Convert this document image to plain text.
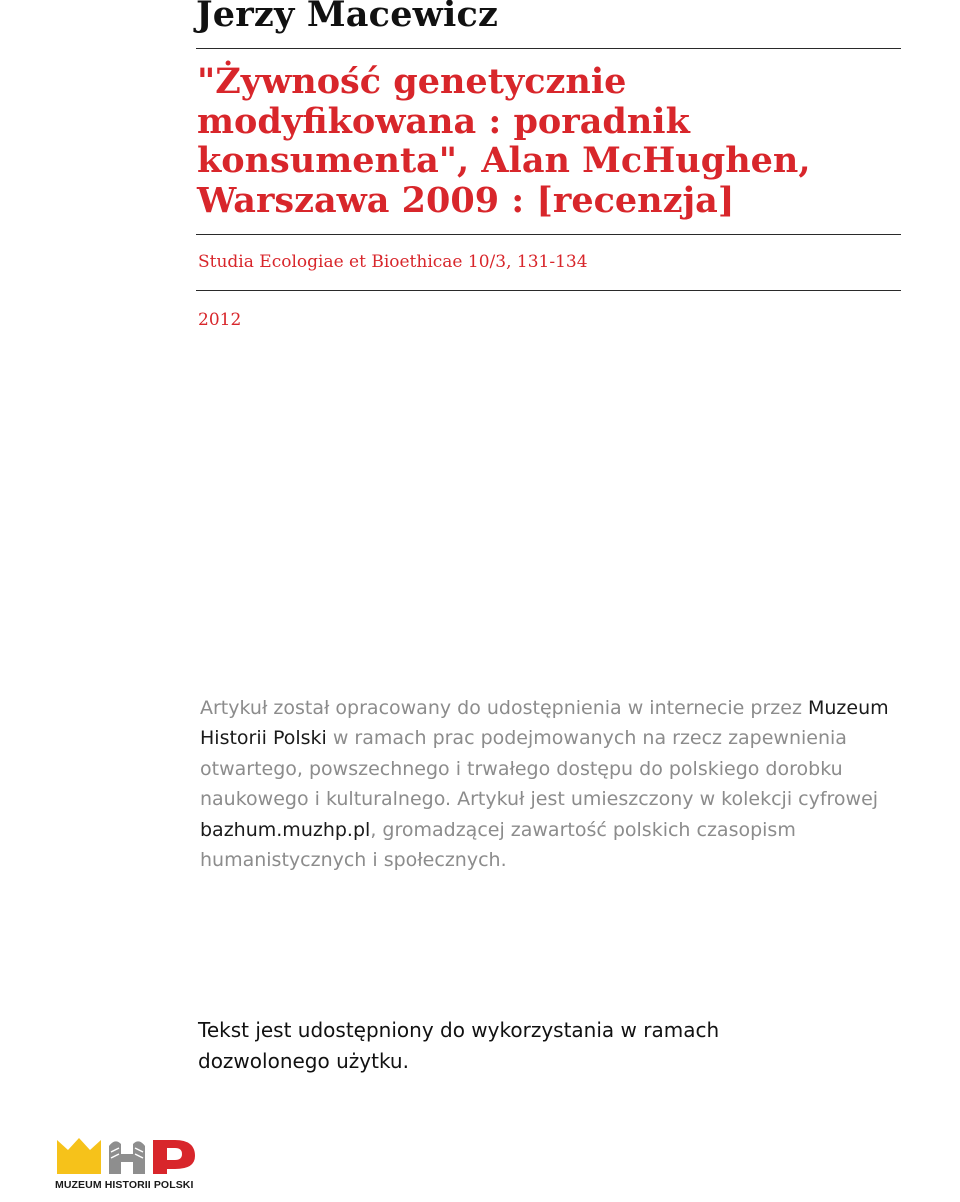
Jerzy Macewicz
"Żywność genetycznie modyfikowana : poradnik konsumenta", Alan McHughen, Warszawa 2009 : [recenzja]
Studia Ecologiae et Bioethicae 10/3, 131-134
2012

Artykuł został opracowany do udostępnienia w internecie przez Muzeum Historii Polski w ramach prac podejmowanych na rzecz zapewnienia otwartego, powszechnego i trwałego dostępu do polskiego dorobku naukowego i kulturalnego. Artykuł jest umieszczony w kolekcji cyfrowej bazhum.muzhp.pl, gromadzącej zawartość polskich czasopism humanistycznych i społecznych.

Tekst jest udostępniony do wykorzystania w ramach dozwolonego użytku.

MUZEUM HISTORII POLSKI
